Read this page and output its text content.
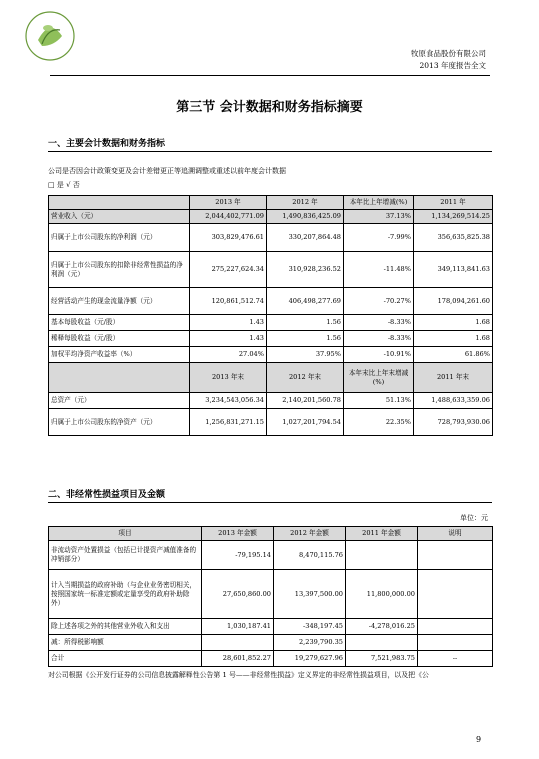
牧原食品股份有限公司
2013 年度报告全文
第三节 会计数据和财务指标摘要
一、主要会计数据和财务指标
公司是否因会计政策变更及会计差错更正等追溯调整或重述以前年度会计数据
□ 是 √ 否
	2013 年	2012 年	本年比上年增减(%)	2011 年
营业收入（元）	2,044,402,771.09	1,490,836,425.09	37.13%	1,134,269,514.25
归属于上市公司股东的净利润（元）	303,829,476.61	330,207,864.48	-7.99%	356,635,825.38
归属于上市公司股东的扣除非经常性损益的净利润（元）	275,227,624.34	310,928,236.52	-11.48%	349,113,841.63
经营活动产生的现金流量净额（元）	120,861,512.74	406,498,277.69	-70.27%	178,094,261.60
基本每股收益（元/股）	1.43	1.56	-8.33%	1.68
稀释每股收益（元/股）	1.43	1.56	-8.33%	1.68
加权平均净资产收益率（%）	27.04%	37.95%	-10.91%	61.86%
	2013 年末	2012 年末	本年末比上年末增减(%)	2011 年末
总资产（元）	3,234,543,056.34	2,140,201,560.78	51.13%	1,488,633,359.06
归属于上市公司股东的净资产（元）	1,256,831,271.15	1,027,201,794.54	22.35%	728,793,930.06
二、非经常性损益项目及金额
单位：元
项目	2013 年金额	2012 年金额	2011 年金额	说明
非流动资产处置损益（包括已计提资产减值准备的冲销部分）	-79,195.14	8,470,115.76		
计入当期损益的政府补助（与企业业务密切相关，按照国家统一标准定额或定量享受的政府补助除外）	27,650,860.00	13,397,500.00	11,800,000.00	
除上述各项之外的其他营业外收入和支出	1,030,187.41	-348,197.45	-4,278,016.25	
减：所得税影响额		2,239,790.35		
合计	28,601,852.27	19,279,627.96	7,521,983.75	--
对公司根据《公开发行证券的公司信息披露解释性公告第 1 号——非经常性损益》定义界定的非经常性损益项目，以及把《公
9
